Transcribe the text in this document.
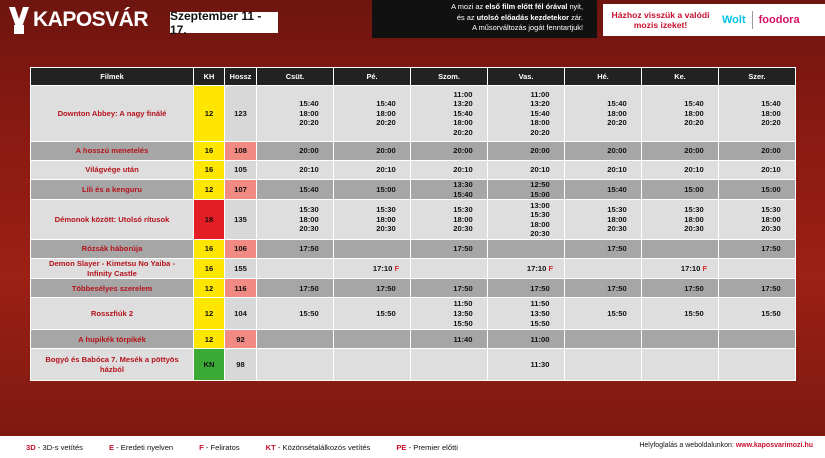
KAPOSVÁR Szeptember 11 - 17.
A mozi az első film előtt fél órával nyit,
és az utolsó előadás kezdetekor zár.
A műsorváltozás jogát fenntartjuk!
Házhoz visszük a valódi mozis izeket!	Wolt foodora
Filmek	KH	Hossz	Csüt.	Pé.	Szom.	Vas.	Hé.	Ke.	Szer.
Downton Abbey: A nagy finálé	12	123	15:40
18:00
20:20	15:40
18:00
20:20	11:00
13:20
15:40
18:00
20:20	11:00
13:20
15:40
18:00
20:20	15:40
18:00
20:20	15:40
18:00
20:20	15:40
18:00
20:20

A hosszú menetelés	16	108	20:00	20:00	20:00	20:00	20:00	20:00	20:00

Világvége után	16	105	20:10	20:10	20:10	20:10	20:10	20:10	20:10

Lili és a kenguru	12	107	15:40	15:00	13:30
15:40	12:50
15:00	15:40	15:00	15:00

Démonok között: Utolsó rítusok	18	135	15:30
18:00
20:30	15:30
18:00
20:30	15:30
18:00
20:30	13:00
15:30
18:00
20:30	15:30
18:00
20:30	15:30
18:00
20:30	15:30
18:00
20:30

Rózsák háborúja	16	106	17:50		17:50		17:50		17:50

Demon Slayer - Kimetsu No Yaiba - Infinity Castle	16	155		17:10 F		17:10 F		17:10 F	

Többesélyes szerelem	12	116	17:50	17:50	17:50	17:50	17:50	17:50	17:50

Rosszfiúk 2	12	104	15:50	15:50	11:50
13:50
15:50	11:50
13:50
15:50	15:50	15:50	15:50

A hupikék törpikék	12	92			11:40	11:00			

Bogyó és Babóca 7. Mesék a pöttyös házból	KN	98				11:30			

3D - 3D-s vetítés	E - Eredeti nyelven	F - Feliratos	KT - Közönsétalálkozós vetítés	PE - Premier előtti	Helyfoglalás a weboldalunkon: www.kaposvarimozi.hu
